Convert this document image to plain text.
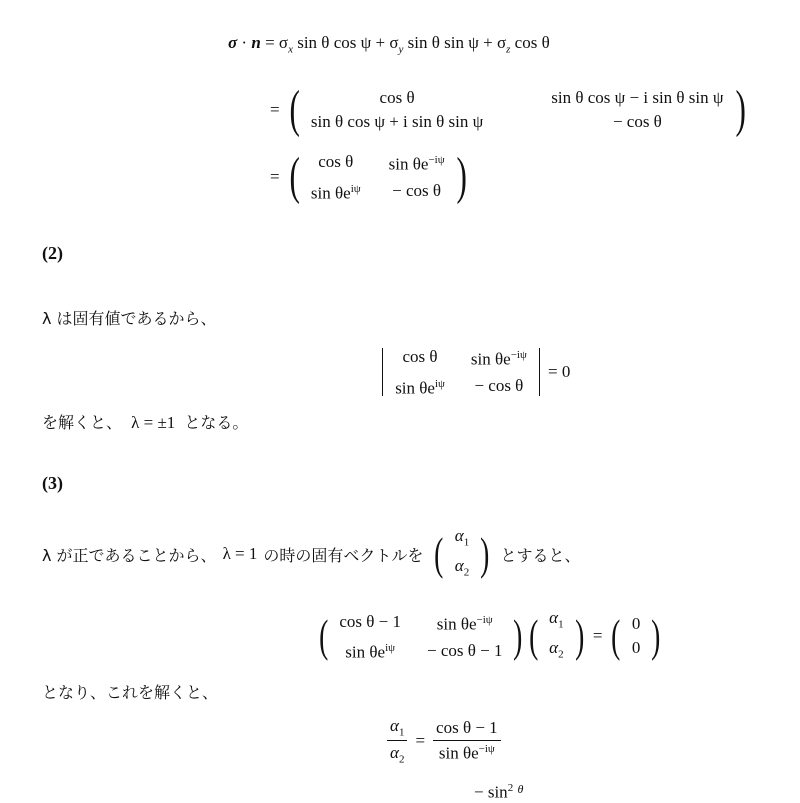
$\sigma \cdot n = \sigma_x$ sin θ $\cos \psi + \sigma_y$ sin θ $\sin \psi + \sigma_z$ cos θ
= (	cos θ	sin θ cos ψ − i sin θ sin ψ
sin θ cos ψ + i sin θ sin ψ	− cos θ )
= ( cos θ	$\sin \theta e^{-i\psi}$
$\sin \theta e^{i\psi}$	− cos θ )
(2)
λ は固有値であるから、
cos θ	$\sin \theta e^{-i\psi}$
$\sin \theta e^{i\psi}$	− cos θ
= 0
を解くと、 λ = ±1 となる。
(3)
λ が正であることから、 λ = 1 の時の固有ベクトルを ( $\alpha_1$
$\alpha_2$ ) とすると、
( cos θ − 1	$\sin \theta e^{-i\psi}$
$\sin \theta e^{i\psi}$	− cos θ − 1 ) ( $\alpha_1$
$\alpha_2$ ) = ( 0
0 )
となり、これを解くと、
$\frac{\alpha_1}{\alpha_2} = \frac{\text{cos θ − 1}}{\sin \theta e^{-i\psi}}$
− $\sin^2 ^\theta$
